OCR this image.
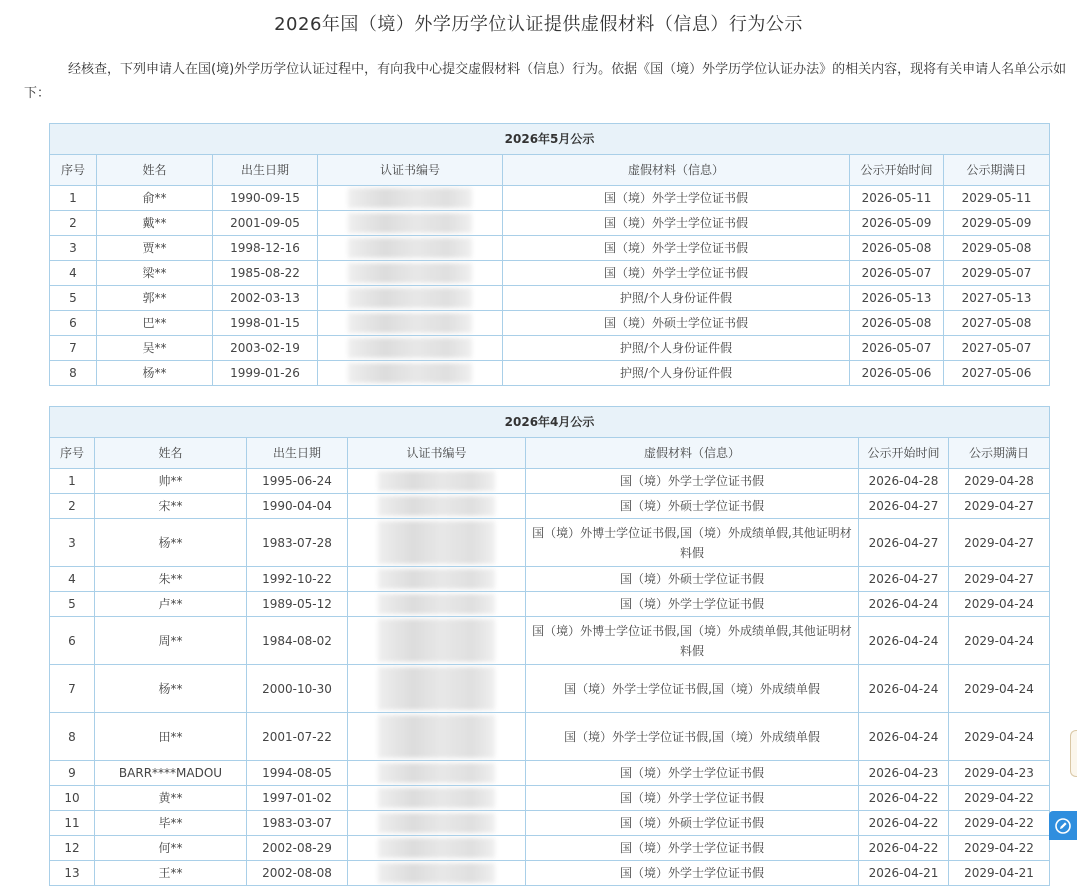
2026年国（境）外学历学位认证提供虚假材料（信息）行为公示
经核查，下列申请人在国(境)外学历学位认证过程中，有向我中心提交虚假材料（信息）行为。依据《国（境）外学历学位认证办法》的相关内容，现将有关申请人名单公示如下：
2026年5月公示						
序号	姓名	出生日期	认证书编号	虚假材料（信息）	公示开始时间	公示期满日
1	俞**	1990-09-15		国（境）外学士学位证书假	2026-05-11	2029-05-11
2	戴**	2001-09-05		国（境）外学士学位证书假	2026-05-09	2029-05-09
3	贾**	1998-12-16		国（境）外学士学位证书假	2026-05-08	2029-05-08
4	梁**	1985-08-22		国（境）外学士学位证书假	2026-05-07	2029-05-07
5	郭**	2002-03-13		护照/个人身份证件假	2026-05-13	2027-05-13
6	巴**	1998-01-15		国（境）外硕士学位证书假	2026-05-08	2027-05-08
7	吴**	2003-02-19		护照/个人身份证件假	2026-05-07	2027-05-07
8	杨**	1999-01-26		护照/个人身份证件假	2026-05-06	2027-05-06
2026年4月公示						
序号	姓名	出生日期	认证书编号	虚假材料（信息）	公示开始时间	公示期满日
1	帅**	1995-06-24		国（境）外学士学位证书假	2026-04-28	2029-04-28
2	宋**	1990-04-04		国（境）外硕士学位证书假	2026-04-27	2029-04-27
3	杨**	1983-07-28		国（境）外博士学位证书假,国（境）外成绩单假,其他证明材料假	2026-04-27	2029-04-27
4	朱**	1992-10-22		国（境）外硕士学位证书假	2026-04-27	2029-04-27
5	卢**	1989-05-12		国（境）外学士学位证书假	2026-04-24	2029-04-24
6	周**	1984-08-02		国（境）外博士学位证书假,国（境）外成绩单假,其他证明材料假	2026-04-24	2029-04-24
7	杨**	2000-10-30		国（境）外学士学位证书假,国（境）外成绩单假	2026-04-24	2029-04-24
8	田**	2001-07-22		国（境）外学士学位证书假,国（境）外成绩单假	2026-04-24	2029-04-24
9	BARR****MADOU	1994-08-05		国（境）外学士学位证书假	2026-04-23	2029-04-23
10	黄**	1997-01-02		国（境）外学士学位证书假	2026-04-22	2029-04-22
11	毕**	1983-03-07		国（境）外硕士学位证书假	2026-04-22	2029-04-22
12	何**	2002-08-29		国（境）外学士学位证书假	2026-04-22	2029-04-22
13	王**	2002-08-08		国（境）外学士学位证书假	2026-04-21	2029-04-21
